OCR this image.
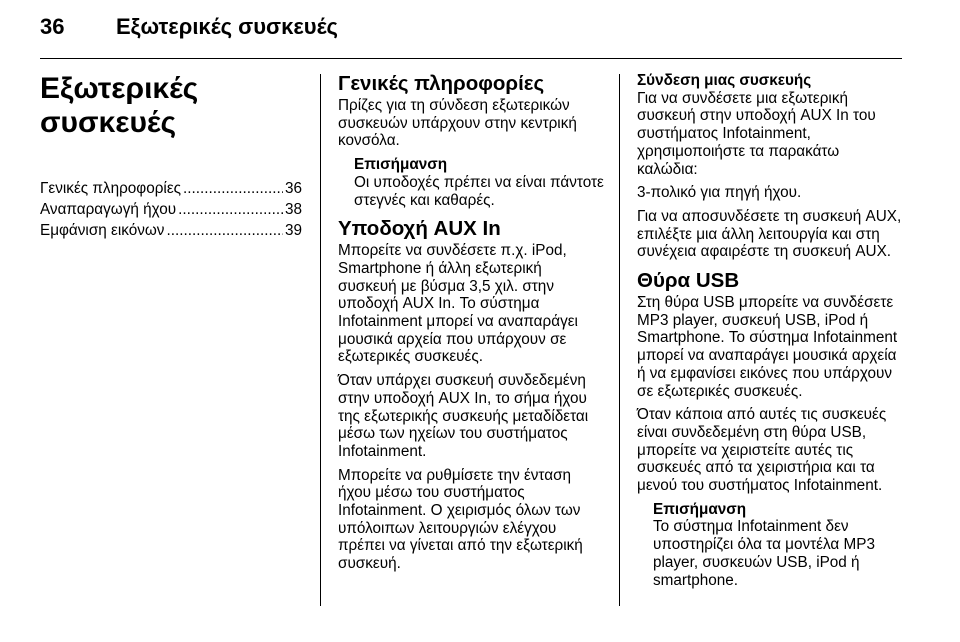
36 Εξωτερικές συσκευές
Εξωτερικές συσκευές
Γενικές πληροφορίες .....	36
Αναπαραγωγή ήχου .....	38
Εμφάνιση εικόνων .....	39
Γενικές πληροφορίες

Πρίζες για τη σύνδεση εξωτερικών συσκευών υπάρχουν στην κεντρική κονσόλα.

Επισήμανση
Οι υποδοχές πρέπει να είναι πάντοτε στεγνές και καθαρές.
Υποδοχή AUX In

Μπορείτε να συνδέσετε π.χ. iPod, Smartphone ή άλλη εξωτερική συσκευή με βύσμα 3,5 χιλ. στην υποδοχή AUX In. Το σύστημα Infotainment μπορεί να αναπαράγει μουσικά αρχεία που υπάρχουν σε εξωτερικές συσκευές.

Όταν υπάρχει συσκευή συνδεδεμένη στην υποδοχή AUX In, το σήμα ήχου της εξωτερικής συσκευής μεταδίδεται μέσω των ηχείων του συστήματος Infotainment.

Μπορείτε να ρυθμίσετε την ένταση ήχου μέσω του συστήματος Infotainment. Ο χειρισμός όλων των υπόλοιπων λειτουργιών ελέγχου πρέπει να γίνεται από την εξωτερική συσκευή.

Σύνδεση μιας συσκευής

Για να συνδέσετε μια εξωτερική συσκευή στην υποδοχή AUX In του συστήματος Infotainment, χρησιμοποιήστε τα παρακάτω καλώδια:

3-πολικό για πηγή ήχου.

Για να αποσυνδέσετε τη συσκευή AUX, επιλέξτε μια άλλη λειτουργία και στη συνέχεια αφαιρέστε τη συσκευή AUX.

Θύρα USB

Στη θύρα USB μπορείτε να συνδέσετε MP3 player, συσκευή USB, iPod ή Smartphone. Το σύστημα Infotainment μπορεί να αναπαράγει μουσικά αρχεία ή να εμφανίσει εικόνες που υπάρχουν σε εξωτερικές συσκευές.

Όταν κάποια από αυτές τις συσκευές είναι συνδεδεμένη στη θύρα USB, μπορείτε να χειριστείτε αυτές τις συσκευές από τα χειριστήρια και τα μενού του συστήματος Infotainment.

Επισήμανση
Το σύστημα Infotainment δεν υποστηρίζει όλα τα μοντέλα MP3 player, συσκευών USB, iPod ή smartphone.
